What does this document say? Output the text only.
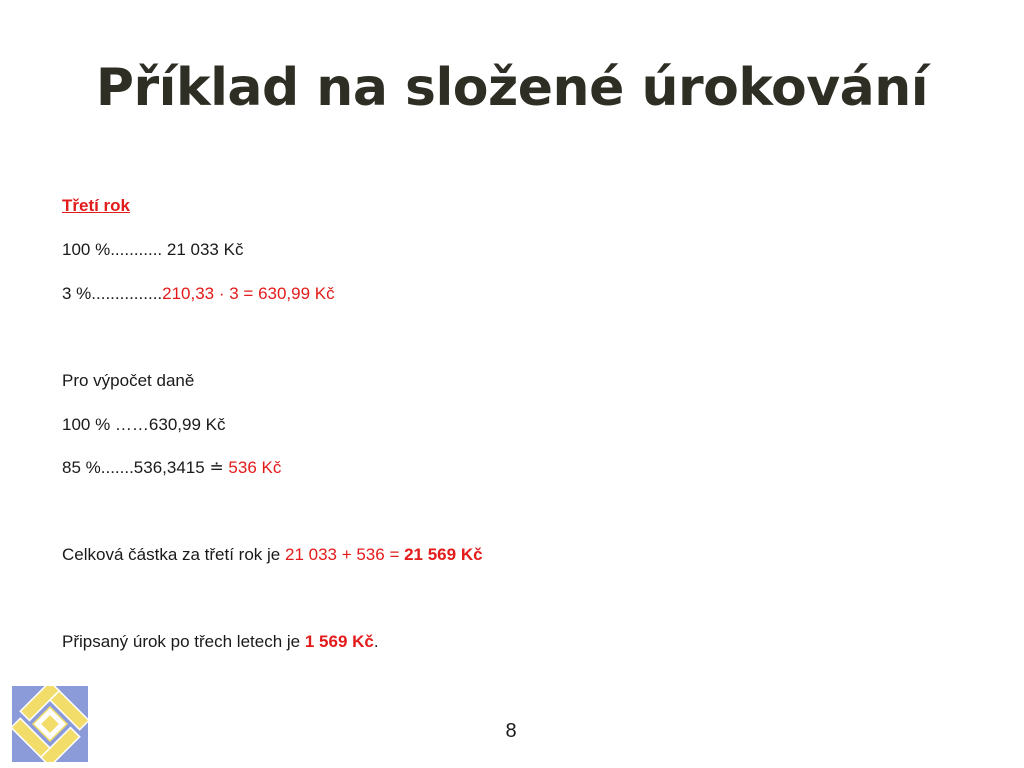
Příklad na složené úrokování
Třetí rok
100 %........... 21 033 Kč
3 %...............210,33 · 3 = 630,99 Kč
Pro výpočet daně
100 % ……630,99 Kč
85 %.......536,3415 ≐ 536 Kč
Celková částka za třetí rok je 21 033 + 536 = 21 569 Kč
Připsaný úrok po třech letech je 1 569 Kč.
8
